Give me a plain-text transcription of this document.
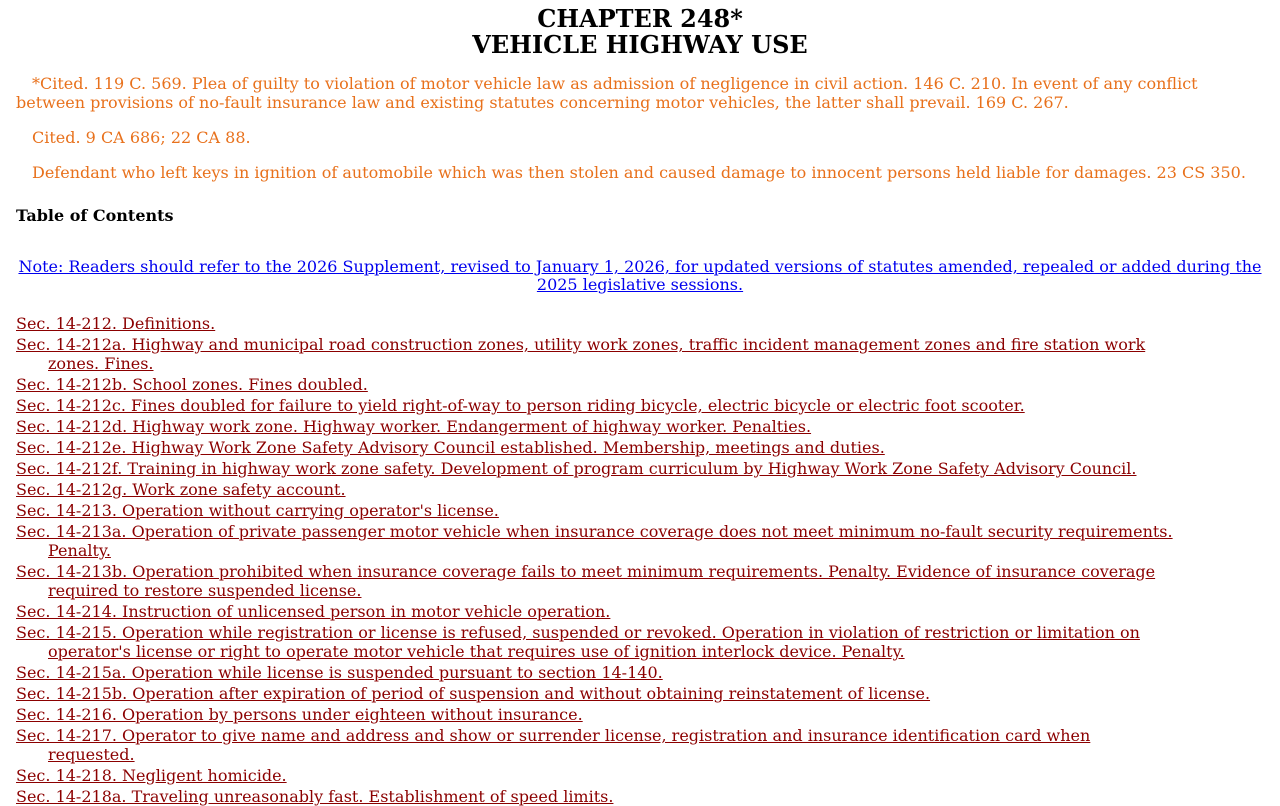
CHAPTER 248*
VEHICLE HIGHWAY USE

*Cited. 119 C. 569. Plea of guilty to violation of motor vehicle law as admission of negligence in civil action. 146 C. 210. In event of any conflict between provisions of no-fault insurance law and existing statutes concerning motor vehicles, the latter shall prevail. 169 C. 267.

Cited. 9 CA 686; 22 CA 88.

Defendant who left keys in ignition of automobile which was then stolen and caused damage to innocent persons held liable for damages. 23 CS 350.

Table of Contents
Note: Readers should refer to the 2026 Supplement, revised to January 1, 2026, for updated versions of statutes amended, repealed or added during the 2025 legislative sessions.
Sec. 14-212. Definitions.
Sec. 14-212a. Highway and municipal road construction zones, utility work zones, traffic incident management zones and fire station work zones. Fines.
Sec. 14-212b. School zones. Fines doubled.
Sec. 14-212c. Fines doubled for failure to yield right-of-way to person riding bicycle, electric bicycle or electric foot scooter.
Sec. 14-212d. Highway work zone. Highway worker. Endangerment of highway worker. Penalties.
Sec. 14-212e. Highway Work Zone Safety Advisory Council established. Membership, meetings and duties.
Sec. 14-212f. Training in highway work zone safety. Development of program curriculum by Highway Work Zone Safety Advisory Council.
Sec. 14-212g. Work zone safety account.
Sec. 14-213. Operation without carrying operator's license.
Sec. 14-213a. Operation of private passenger motor vehicle when insurance coverage does not meet minimum no-fault security requirements. Penalty.
Sec. 14-213b. Operation prohibited when insurance coverage fails to meet minimum requirements. Penalty. Evidence of insurance coverage required to restore suspended license.
Sec. 14-214. Instruction of unlicensed person in motor vehicle operation.
Sec. 14-215. Operation while registration or license is refused, suspended or revoked. Operation in violation of restriction or limitation on operator's license or right to operate motor vehicle that requires use of ignition interlock device. Penalty.
Sec. 14-215a. Operation while license is suspended pursuant to section 14-140.
Sec. 14-215b. Operation after expiration of period of suspension and without obtaining reinstatement of license.
Sec. 14-216. Operation by persons under eighteen without insurance.
Sec. 14-217. Operator to give name and address and show or surrender license, registration and insurance identification card when requested.
Sec. 14-218. Negligent homicide.
Sec. 14-218a. Traveling unreasonably fast. Establishment of speed limits.
